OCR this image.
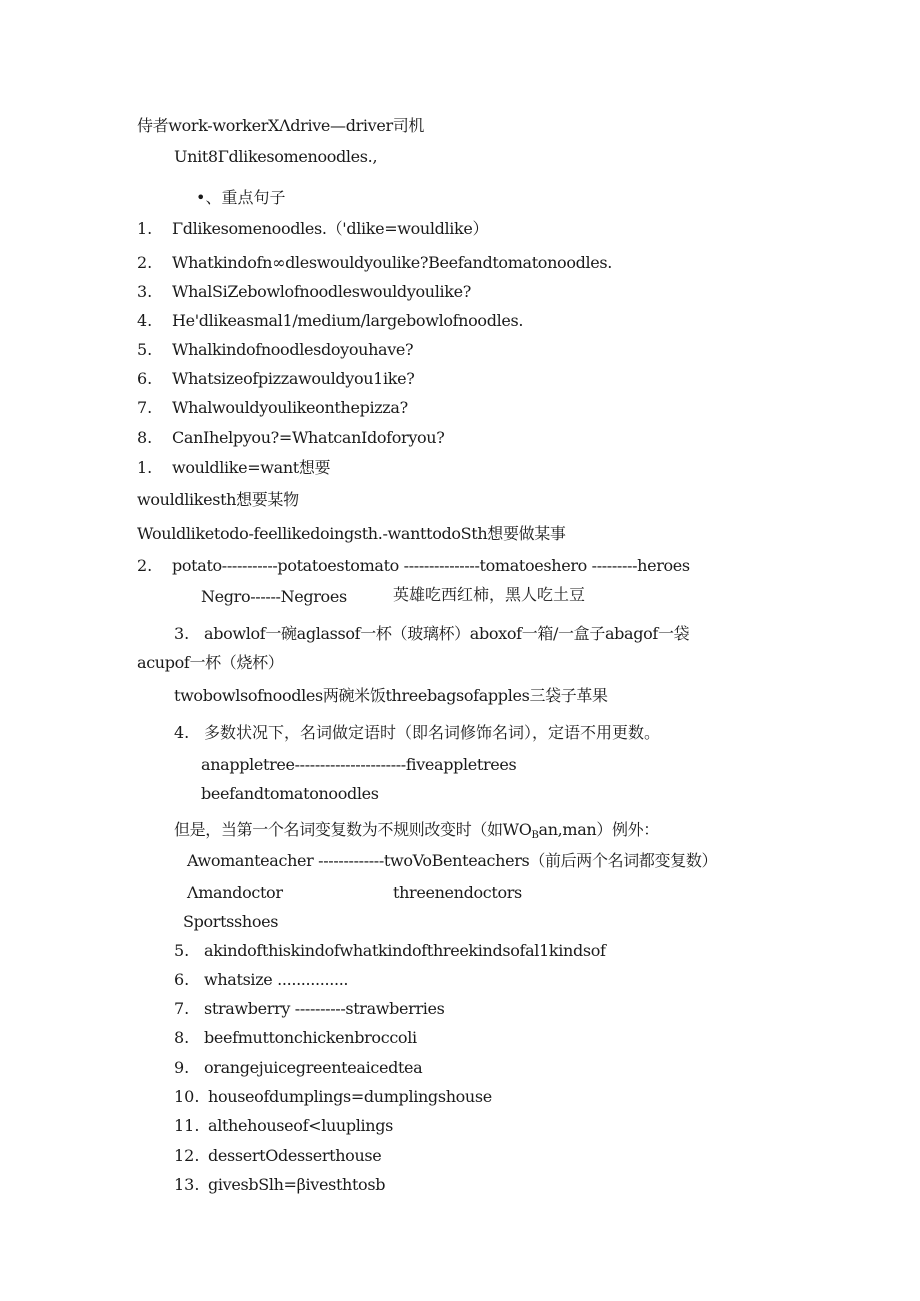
侍者work-workerXΛdrive—driver司机
Unit8Γdlikesomenoodles.‚
•、重点句子
1. Γdlikesomenoodles.（'dlike=wouldlike）
2. Whatkindofn∞dleswouldyoulike?Beefandtomatonoodles.
3. WhalSiZebowlofnoodleswouldyoulike?
4. He'dlikeasmal1/medium/largebowlofnoodles.
5. Whalkindofnoodlesdoyouhave?
6. Whatsizeofpizzawouldyou1ike?
7. Whalwouldyoulikeonthepizza?
8. CanIhelpyou?=WhatcanIdoforyou?
1. wouldlike=want想要
wouldlikesth想要某物
Wouldliketodo-feellikedoingsth.-wanttodoSth想要做某事
2. potato-----------potatoestomato ---------------tomatoeshero ---------heroes
Negro------Negroes	英雄吃西红柿，黑人吃土豆
3. abowlof一碗aglassof一杯（玻璃杯）aboxof一箱/一盒子abagof一袋
acupof一杯（烧杯）
twobowlsofnoodles两碗米饭threebagsofapples三袋子革果
4. 多数状况下，名词做定语时（即名词修饰名词），定语不用更数。
anappletree----------------------fiveappletrees
beefandtomatonoodles
但是，当第一个名词变复数为不规则改变时（如$WO_Ban,man$）例外：
Awomanteacher -------------twoVoBenteachers（前后两个名词都变复数）
Λmandoctor	threenendoctors
Sportsshoes
5. akindofthiskindofwhatkindofthreekindsofal1kindsof
6. whatsize ...............
7. strawberry ----------strawberries
8. beefmuttonchickenbroccoli
9. orangejuicegreenteaicedtea
10. houseofdumplings=dumplingshouse
11. althehouseof<luuplings
12. dessertOdesserthouse
13. givesbSlh=βivesthtosb
